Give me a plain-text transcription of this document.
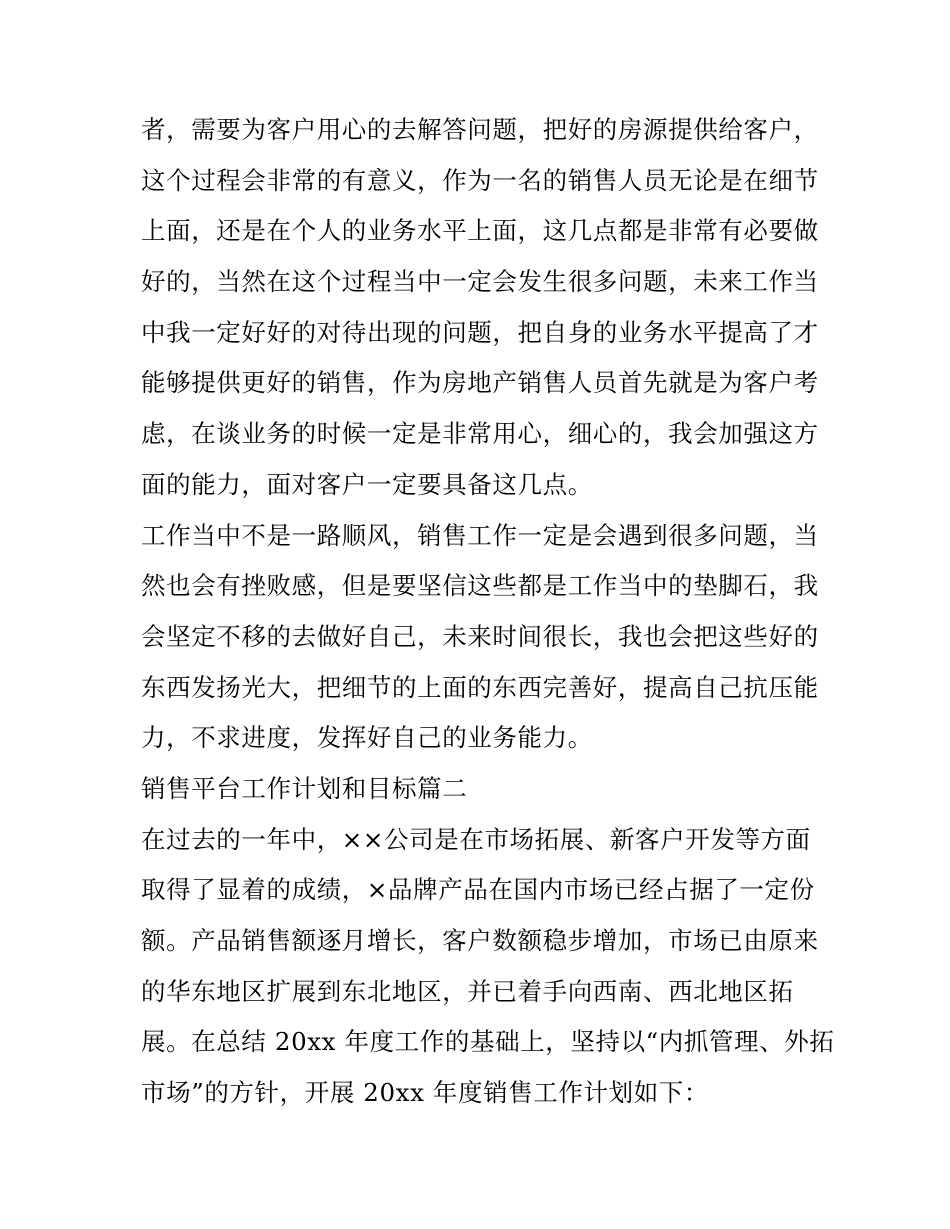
者，需要为客户用心的去解答问题，把好的房源提供给客户，
这个过程会非常的有意义，作为一名的销售人员无论是在细节
上面，还是在个人的业务水平上面，这几点都是非常有必要做
好的，当然在这个过程当中一定会发生很多问题，未来工作当
中我一定好好的对待出现的问题，把自身的业务水平提高了才
能够提供更好的销售，作为房地产销售人员首先就是为客户考
虑，在谈业务的时候一定是非常用心，细心的，我会加强这方
面的能力，面对客户一定要具备这几点。
工作当中不是一路顺风，销售工作一定是会遇到很多问题，当
然也会有挫败感，但是要坚信这些都是工作当中的垫脚石，我
会坚定不移的去做好自己，未来时间很长，我也会把这些好的
东西发扬光大，把细节的上面的东西完善好，提高自己抗压能
力，不求进度，发挥好自己的业务能力。
销售平台工作计划和目标篇二
在过去的一年中，××公司是在市场拓展、新客户开发等方面
取得了显着的成绩，×品牌产品在国内市场已经占据了一定份
额。产品销售额逐月增长，客户数额稳步增加，市场已由原来
的华东地区扩展到东北地区，并已着手向西南、西北地区拓
展。在总结 20xx 年度工作的基础上，坚持以“内抓管理、外拓
市场”的方针，开展 20xx 年度销售工作计划如下：
